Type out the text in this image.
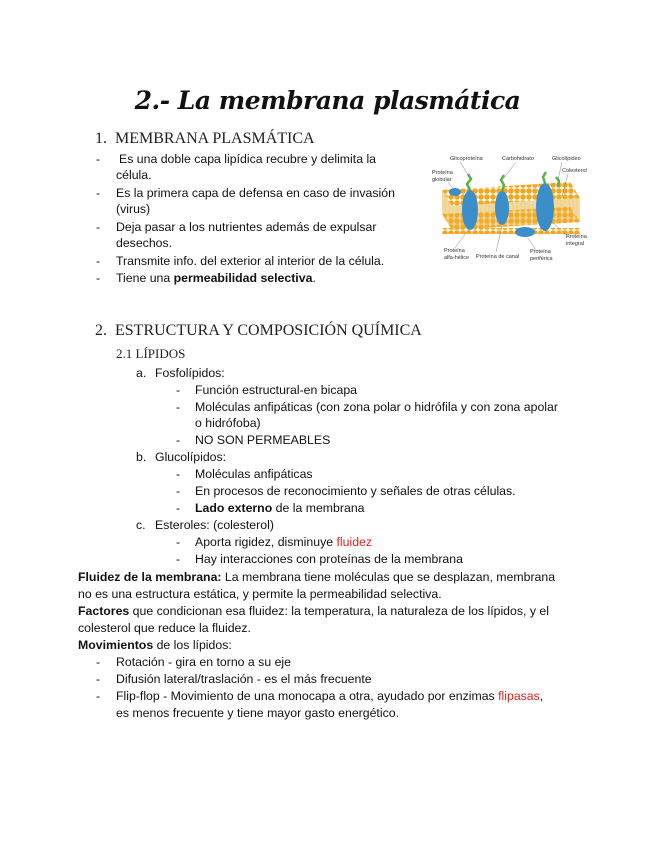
2.- La membrana plasmática
1. MEMBRANA PLASMÁTICA
- Es una doble capa lipídica recubre y delimita la
célula.
- Es la primera capa de defensa en caso de invasión
(virus)
- Deja pasar a los nutrientes además de expulsar
desechos.
- Transmite info. del exterior al interior de la célula.
- Tiene una permeabilidad selectiva.
Glicoproteína	Carbohidrato	Glicolípideo
Proteína
globular
Colesterol
Proteína
integral
Proteína
alfa-hélice Proteína de canal
Proteína
periférica
2. ESTRUCTURA Y COMPOSICIÓN QUÍMICA
2.1 LÍPIDOS
a. Fosfolípidos:
- Función estructural-en bicapa
- Moléculas anfipáticas (con zona polar o hidrófila y con zona apolar
o hidrófoba)
- NO SON PERMEABLES
b. Glucolípidos:
- Moléculas anfipáticas
- En procesos de reconocimiento y señales de otras células.
- Lado externo de la membrana
c. Esteroles: (colesterol)
- Aporta rigidez, disminuye fluidez
- Hay interacciones con proteínas de la membrana
Fluidez de la membrana: La membrana tiene moléculas que se desplazan, membrana
no es una estructura estática, y permite la permeabilidad selectiva.
Factores que condicionan esa fluidez: la temperatura, la naturaleza de los lípidos, y el
colesterol que reduce la fluidez.
Movimientos de los lípidos:
- Rotación - gira en torno a su eje
- Difusión lateral/traslación - es el más frecuente
- Flip-flop - Movimiento de una monocapa a otra, ayudado por enzimas flipasas,
es menos frecuente y tiene mayor gasto energético.
